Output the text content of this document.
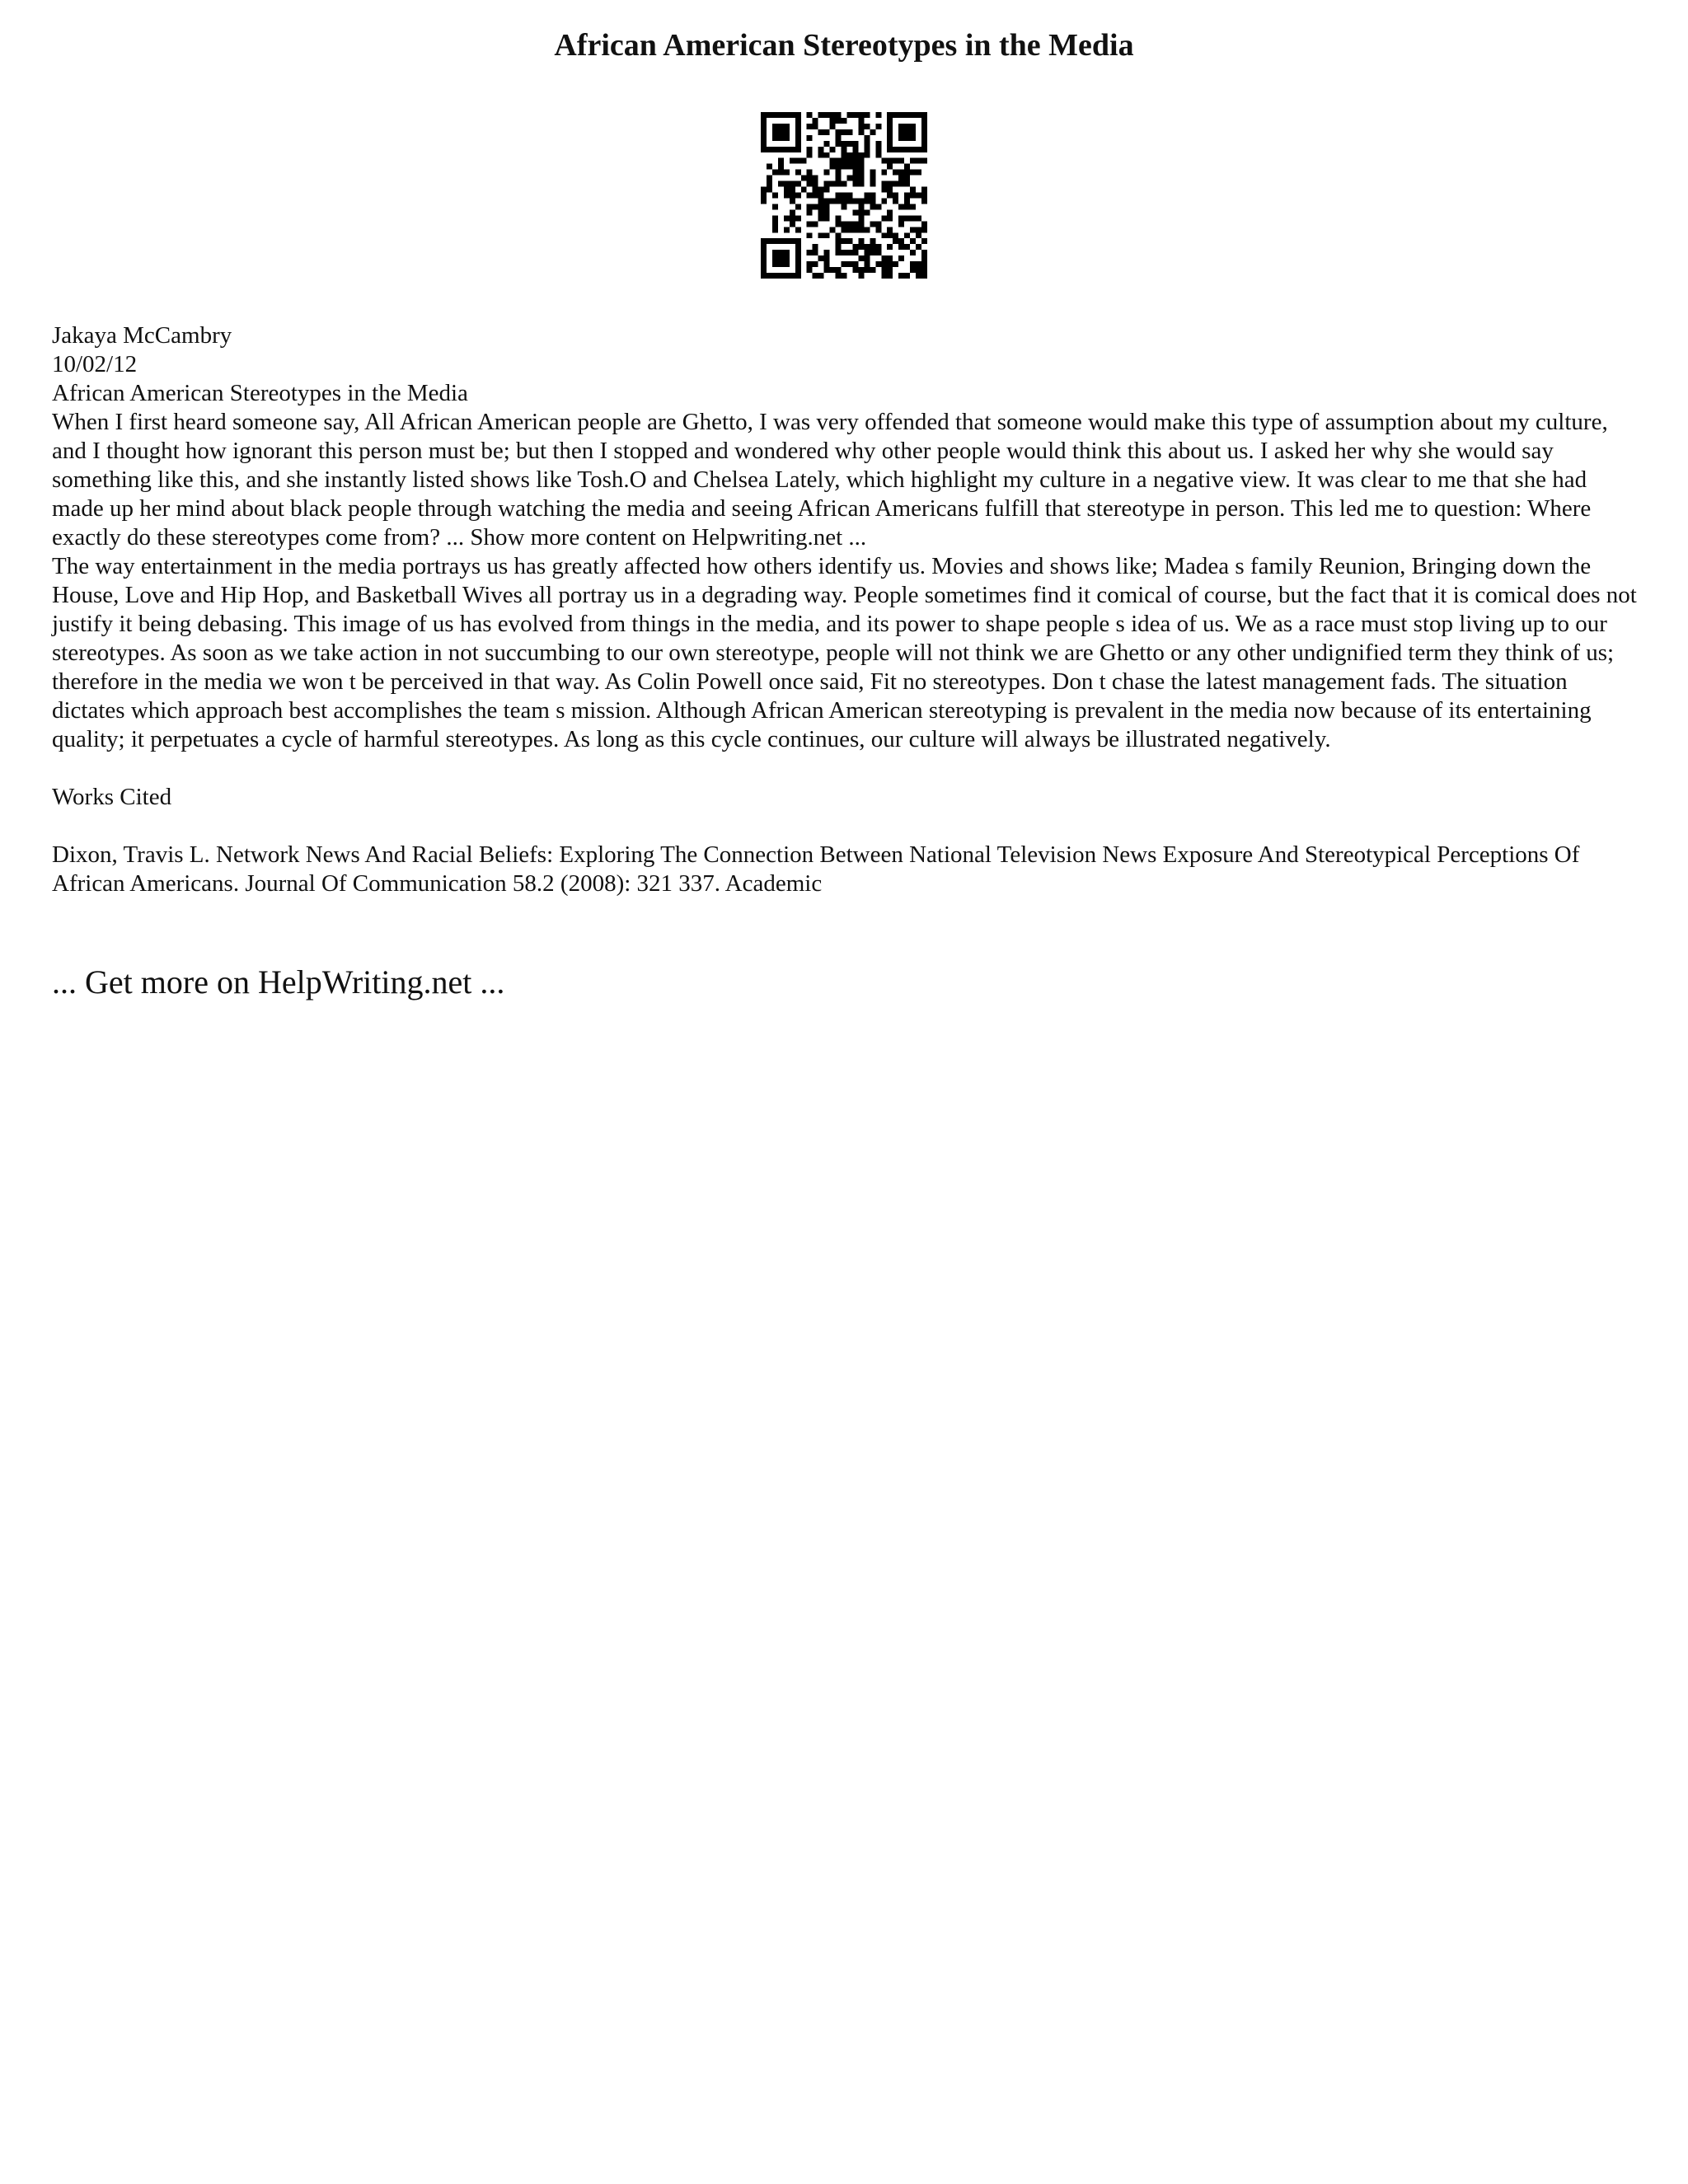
African American Stereotypes in the Media
Jakaya McCambry
10/02/12
African American Stereotypes in the Media

When I first heard someone say, All African American people are Ghetto, I was very offended that someone would make this type of assumption about my culture, and I thought how ignorant this person must be; but then I stopped and wondered why other people would think this about us. I asked her why she would say something like this, and she instantly listed shows like Tosh.O and Chelsea Lately, which highlight my culture in a negative view. It was clear to me that she had made up her mind about black people through watching the media and seeing African Americans fulfill that stereotype in person. This led me to question: Where exactly do these stereotypes come from? ... Show more content on Helpwriting.net ...

The way entertainment in the media portrays us has greatly affected how others identify us. Movies and shows like; Madea s family Reunion, Bringing down the House, Love and Hip Hop, and Basketball Wives all portray us in a degrading way. People sometimes find it comical of course, but the fact that it is comical does not justify it being debasing. This image of us has evolved from things in the media, and its power to shape people s idea of us. We as a race must stop living up to our stereotypes. As soon as we take action in not succumbing to our own stereotype, people will not think we are Ghetto or any other undignified term they think of us; therefore in the media we won t be perceived in that way. As Colin Powell once said, Fit no stereotypes. Don t chase the latest management fads. The situation dictates which approach best accomplishes the team s mission. Although African American stereotyping is prevalent in the media now because of its entertaining quality; it perpetuates a cycle of harmful stereotypes. As long as this cycle continues, our culture will always be illustrated negatively.

Works Cited

Dixon, Travis L. Network News And Racial Beliefs: Exploring The Connection Between National Television News Exposure And Stereotypical Perceptions Of African Americans. Journal Of Communication 58.2 (2008): 321 337. Academic

... Get more on HelpWriting.net ...
